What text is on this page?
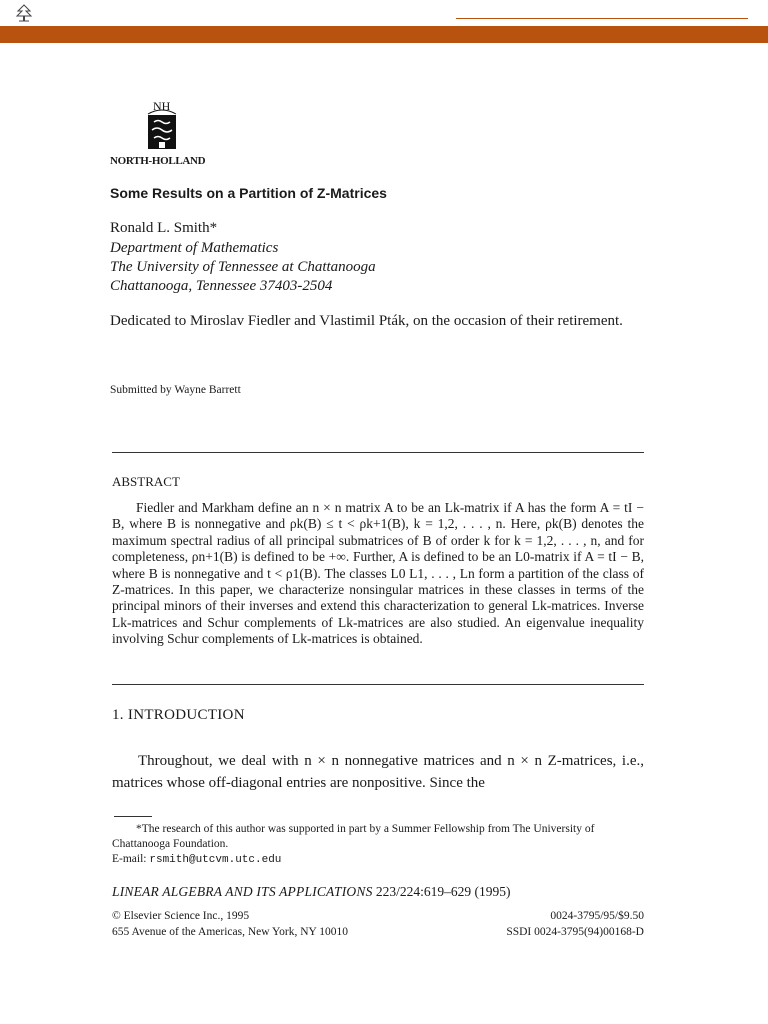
NH
NORTH-HOLLAND
Some Results on a Partition of Z-Matrices
Ronald L. Smith*
Department of Mathematics
The University of Tennessee at Chattanooga
Chattanooga, Tennessee 37403-2504
Dedicated to Miroslav Fiedler and Vlastimil Pták, on the occasion of their retirement.
Submitted by Wayne Barrett
ABSTRACT

Fiedler and Markham define an n × n matrix A to be an Lk-matrix if A has the form A = tI − B, where B is nonnegative and ρk(B) ≤ t < ρk+1(B), k = 1,2, . . . , n. Here, ρk(B) denotes the maximum spectral radius of all principal submatrices of B of order k for k = 1,2, . . . , n, and for completeness, ρn+1(B) is defined to be +∞. Further, A is defined to be an L0-matrix if A = tI − B, where B is nonnegative and t < ρ1(B). The classes L0 L1, . . . , Ln form a partition of the class of Z-matrices. In this paper, we characterize nonsingular matrices in these classes in terms of the principal minors of their inverses and extend this characterization to general Lk-matrices. Inverse Lk-matrices and Schur complements of Lk-matrices are also studied. An eigenvalue inequality involving Schur complements of Lk-matrices is obtained.

1. INTRODUCTION

Throughout, we deal with n × n nonnegative matrices and n × n Z-matrices, i.e., matrices whose off-diagonal entries are nonpositive. Since the

*The research of this author was supported in part by a Summer Fellowship from The University of Chattanooga Foundation.

E-mail: rsmith@utcvm.utc.edu

LINEAR ALGEBRA AND ITS APPLICATIONS 223/224:619–629 (1995)
© Elsevier Science Inc., 1995
655 Avenue of the Americas, New York, NY 10010
0024-3795/95/$9.50
SSDI 0024-3795(94)00168-D
